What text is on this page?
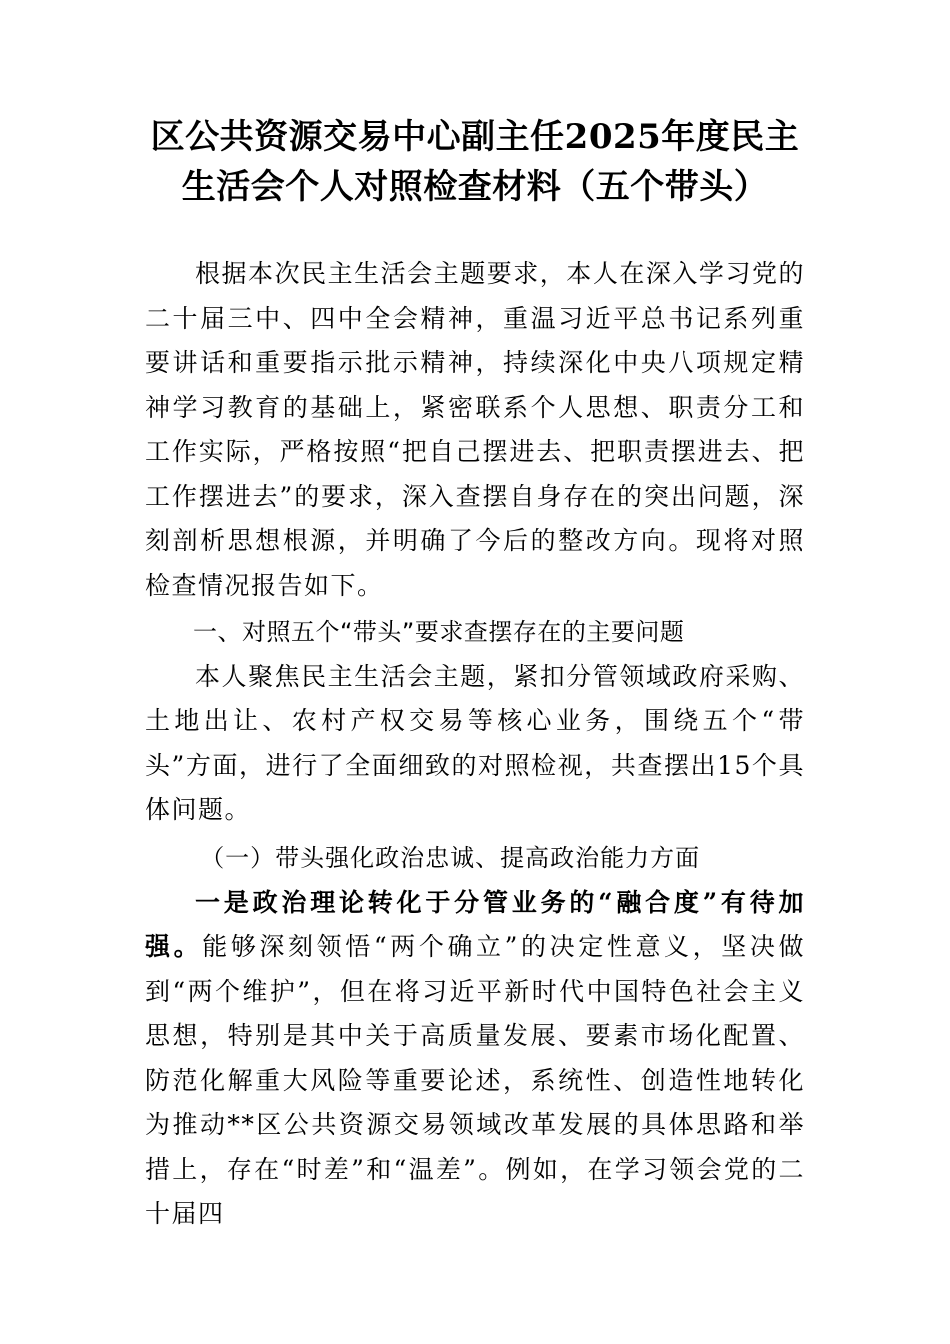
区公共资源交易中心副主任2025年度民主
生活会个人对照检查材料（五个带头）

根据本次民主生活会主题要求，本人在深入学习党的二十届三中、四中全会精神，重温习近平总书记系列重要讲话和重要指示批示精神，持续深化中央八项规定精神学习教育的基础上，紧密联系个人思想、职责分工和工作实际，严格按照“把自己摆进去、把职责摆进去、把工作摆进去”的要求，深入查摆自身存在的突出问题，深刻剖析思想根源，并明确了今后的整改方向。现将对照检查情况报告如下。

一、对照五个“带头”要求查摆存在的主要问题

本人聚焦民主生活会主题，紧扣分管领域政府采购、土地出让、农村产权交易等核心业务，围绕五个“带头”方面，进行了全面细致的对照检视，共查摆出15个具体问题。

（一）带头强化政治忠诚、提高政治能力方面

一是政治理论转化于分管业务的“融合度”有待加强。能够深刻领悟“两个确立”的决定性意义，坚决做到“两个维护”，但在将习近平新时代中国特色社会主义思想，特别是其中关于高质量发展、要素市场化配置、防范化解重大风险等重要论述，系统性、创造性地转化为推动**区公共资源交易领域改革发展的具体思路和举措上，存在“时差”和“温差”。例如，在学习领会党的二十届四
